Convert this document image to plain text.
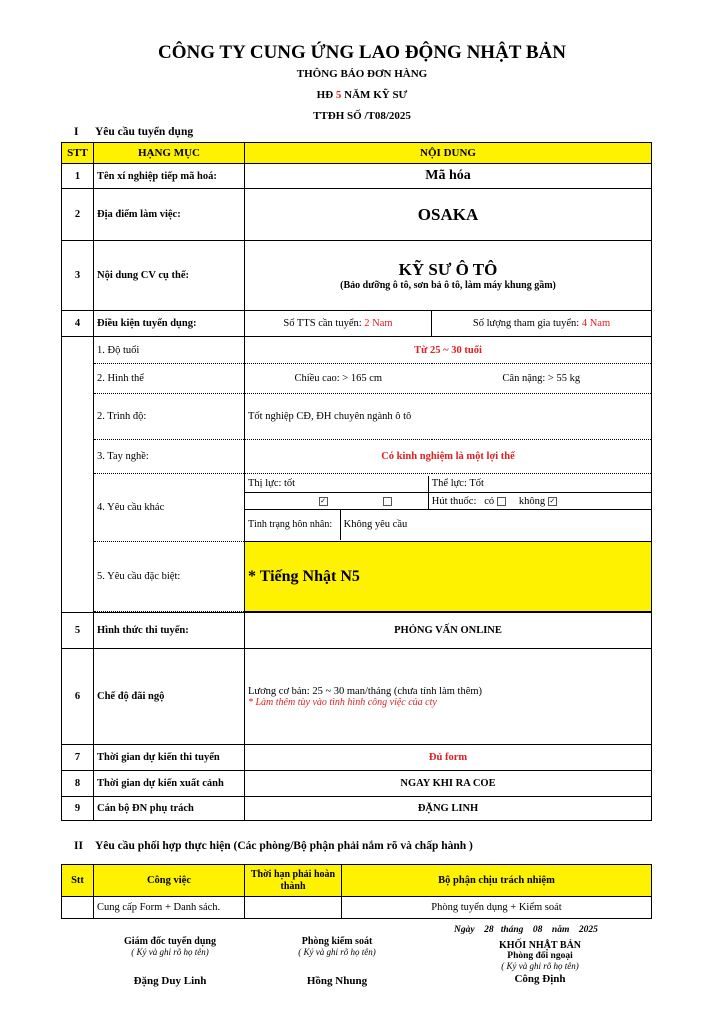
CÔNG TY CUNG ỨNG LAO ĐỘNG NHẬT BẢN
THÔNG BÁO ĐƠN HÀNG
HĐ 5 NĂM KỸ SƯ
TTĐH SỐ /T08/2025
I Yêu cầu tuyển dụng
STT	HẠNG MỤC	NỘI DUNG
1	Tên xí nghiệp tiếp mã hoá:	Mã hóa
2	Địa điểm làm việc:	OSAKA
3	Nội dung CV cụ thể:	KỸ SƯ Ô TÔ
(Bảo dưỡng ô tô, sơn bả ô tô, làm máy khung gầm)

4	Điều kiện tuyển dụng:	Số TTS cần tuyển: 2 Nam	Số lượng tham gia tuyển: 4 Nam
	1. Độ tuổi	Từ 25 ~ 30 tuổi
2. Hình thể	Chiều cao: > 165 cm	Cân nặng: > 55 kg
2. Trình độ:	Tốt nghiệp CĐ, ĐH chuyên ngành ô tô
3. Tay nghề:	Có kinh nghiệm là một lợi thế
4. Yêu cầu khác	
Thị lực: tốt	Thể lực: Tốt
✓	Hút thuốc: có không ✓
Tình trạng hôn nhân:	Không yêu cầu

5. Yêu cầu đặc biệt:	* Tiếng Nhật N5

5	Hình thức thi tuyển:	PHỎNG VẤN ONLINE
6	Chế độ đãi ngộ	Lương cơ bản: 25 ~ 30 man/tháng (chưa tính làm thêm)
* Làm thêm tùy vào tình hình công việc của cty

7	Thời gian dự kiến thi tuyển	Đủ form
8	Thời gian dự kiến xuất cảnh	NGAY KHI RA COE
9	Cán bộ ĐN phụ trách	ĐẶNG LINH
II Yêu cầu phối hợp thực hiện (Các phòng/Bộ phận phải nắm rõ và chấp hành )
Stt	Công việc	Thời hạn phải hoàn thành	Bộ phận chịu trách nhiệm
	Cung cấp Form + Danh sách.		Phòng tuyển dụng + Kiểm soát
Ngày    28   tháng    08    năm    2025
Giám đốc tuyển dụng
( Ký và ghi rõ họ tên)
Đặng Duy Linh
Phòng kiểm soát
( Ký và ghi rõ họ tên)
Hồng Nhung
KHỐI NHẬT BẢN
Phòng đối ngoại
( Ký và ghi rõ họ tên)
Công Định
